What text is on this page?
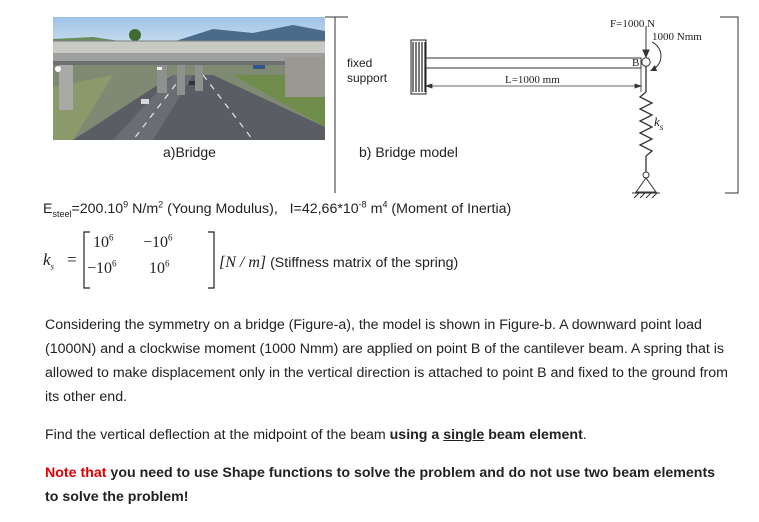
F=1000 N
1000 Nmm
B
L=1000 mm
$k_s$
fixed
support
a)Bridge	b) Bridge model
$E_{steel}=200.10^9$ $N/m^2$ (Young Modulus), $I=42,66*10^{-8}$ $m^4$ (Moment of Inertia)
$k_s$ =
$10^6 -10^6$
$-10^6$ $10^6$	[N / m] (Stiffness matrix of the spring)
Considering the symmetry on a bridge (Figure-a), the model is shown in Figure-b. A downward point load (1000N) and a clockwise moment (1000 Nmm) are applied on point B of the cantilever beam. A spring that is allowed to make displacement only in the vertical direction is attached to point B and fixed to the ground from its other end.
Find the vertical deflection at the midpoint of the beam using a single beam element.
Note that you need to use Shape functions to solve the problem and do not use two beam elements to solve the problem!
